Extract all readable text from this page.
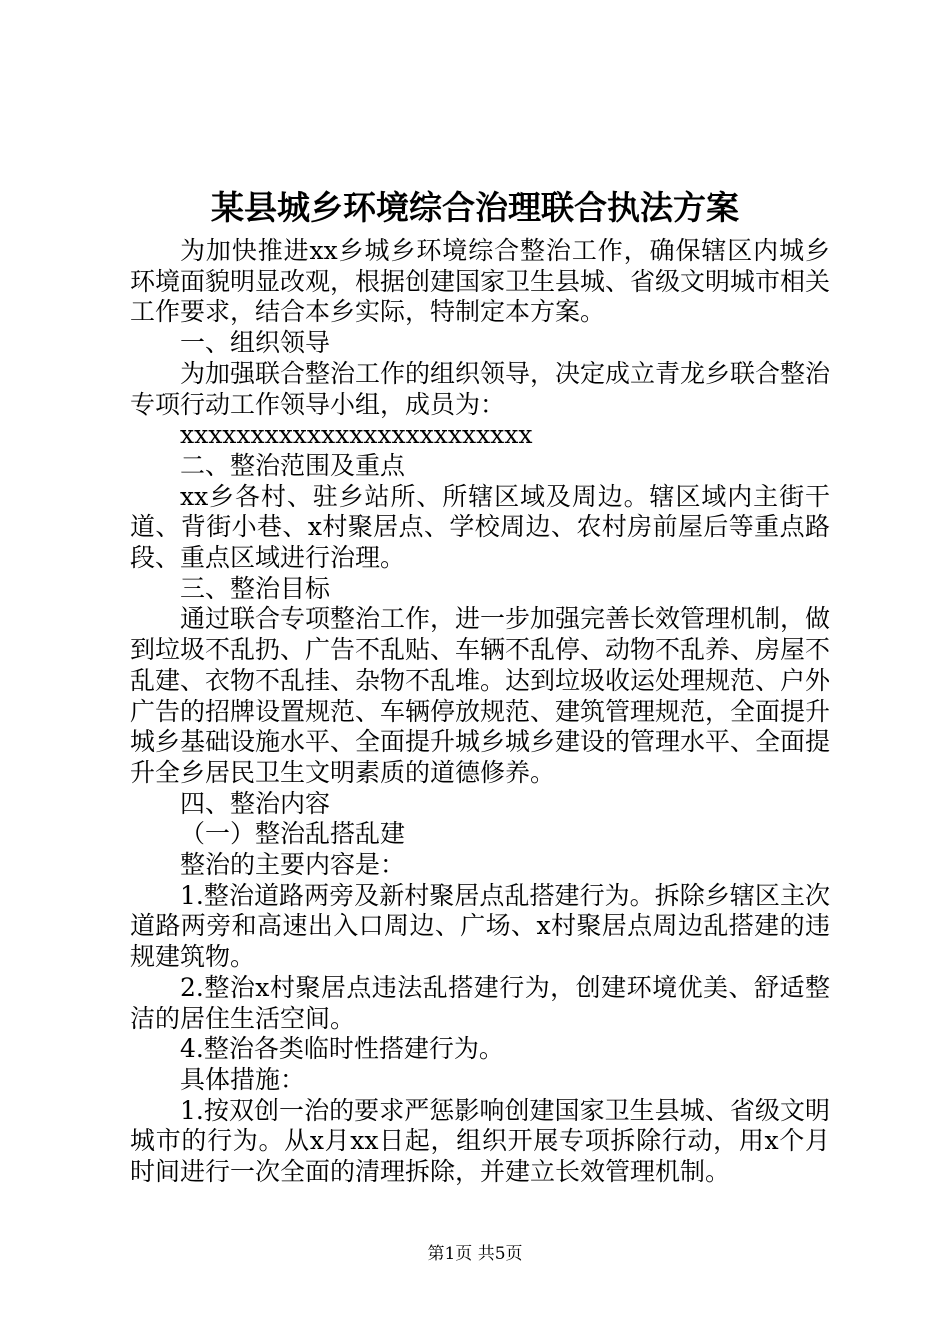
某县城乡环境综合治理联合执法方案

为加快推进xx乡城乡环境综合整治工作，确保辖区内城乡环境面貌明显改观，根据创建国家卫生县城、省级文明城市相关工作要求，结合本乡实际，特制定本方案。

一、组织领导

为加强联合整治工作的组织领导，决定成立青龙乡联合整治专项行动工作领导小组，成员为：

xxxxxxxxxxxxxxxxxxxxxxxxx

二、整治范围及重点

xx乡各村、驻乡站所、所辖区域及周边。辖区域内主街干道、背街小巷、x村聚居点、学校周边、农村房前屋后等重点路段、重点区域进行治理。

三、整治目标

通过联合专项整治工作，进一步加强完善长效管理机制，做到垃圾不乱扔、广告不乱贴、车辆不乱停、动物不乱养、房屋不乱建、衣物不乱挂、杂物不乱堆。达到垃圾收运处理规范、户外广告的招牌设置规范、车辆停放规范、建筑管理规范，全面提升城乡基础设施水平、全面提升城乡城乡建设的管理水平、全面提升全乡居民卫生文明素质的道德修养。

四、整治内容

（一）整治乱搭乱建

整治的主要内容是：

1.整治道路两旁及新村聚居点乱搭建行为。拆除乡辖区主次道路两旁和高速出入口周边、广场、x村聚居点周边乱搭建的违规建筑物。

2.整治x村聚居点违法乱搭建行为，创建环境优美、舒适整洁的居住生活空间。

4.整治各类临时性搭建行为。

具体措施：

1.按双创一治的要求严惩影响创建国家卫生县城、省级文明城市的行为。从x月xx日起，组织开展专项拆除行动，用x个月时间进行一次全面的清理拆除，并建立长效管理机制。

第1页 共5页
